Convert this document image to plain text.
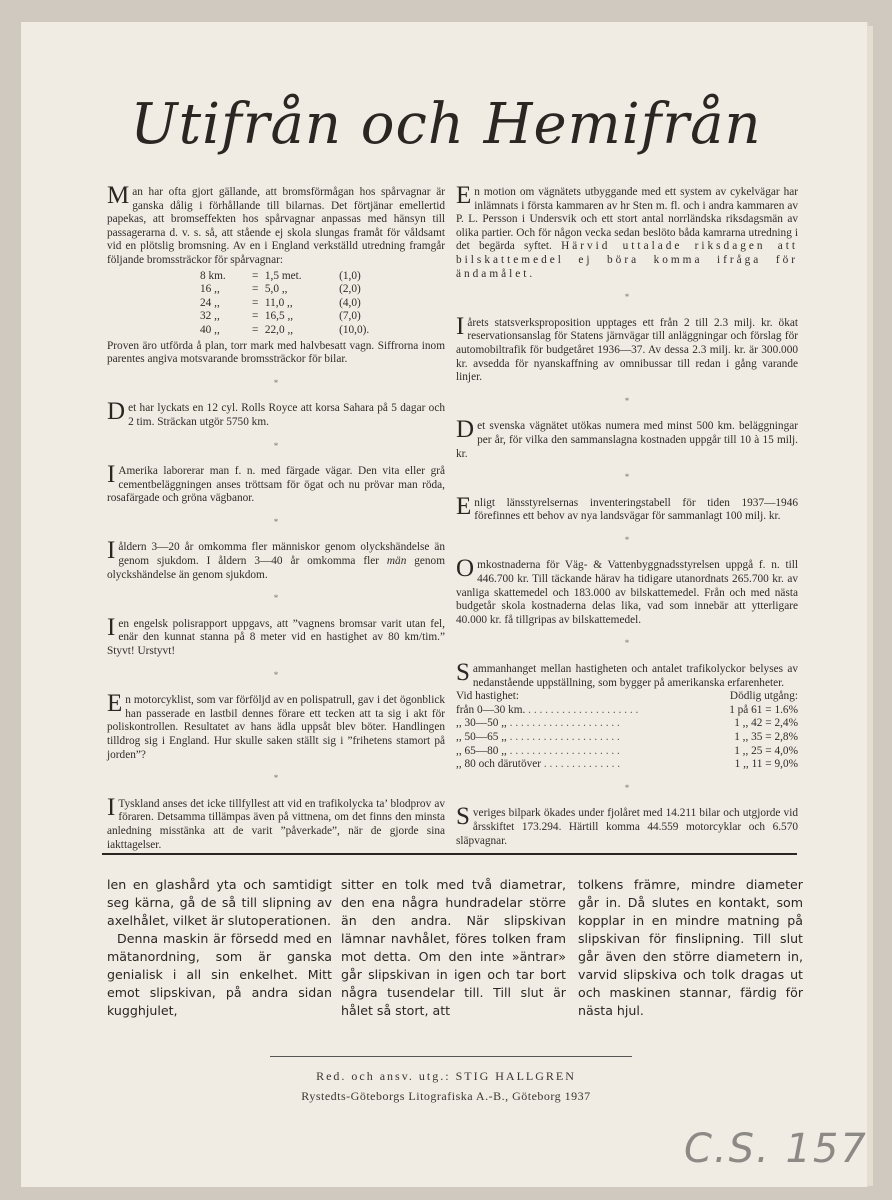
Utifrån och Hemifrån
Man har ofta gjort gällande, att bromsförmågan hos spårvagnar är ganska dålig i förhållande till bilarnas. Det förtjänar emellertid papekas, att bromseffekten hos spårvagnar anpassas med hänsyn till passagerarna d. v. s. så, att stående ej skola slungas framåt för våldsamt vid en plötslig bromsning. Av en i England verkställd utredning framgår följande bromssträckor för spårvagnar:
8 km.	=	1,5 met.	(1,0)
16 ,,	=	5,0 ,,	(2,0)
24 ,,	=	11,0 ,,	(4,0)
32 ,,	=	16,5 ,,	(7,0)
40 ,,	=	22,0 ,,	(10,0).
Proven äro utförda å plan, torr mark med halvbesatt vagn. Siffrorna inom parentes angiva motsvarande bromssträckor för bilar.
*
Det har lyckats en 12 cyl. Rolls Royce att korsa Sahara på 5 dagar och 2 tim. Sträckan utgör 5750 km.
*
I Amerika laborerar man f. n. med färgade vägar. Den vita eller grå cementbeläggningen anses tröttsam för ögat och nu prövar man röda, rosafärgade och gröna vägbanor.
*
Iåldern 3—20 år omkomma fler människor genom olyckshändelse än genom sjukdom. I åldern 3—40 år omkomma fler män genom olyckshändelse än genom sjukdom.
*
Ien engelsk polisrapport uppgavs, att ”vagnens bromsar varit utan fel, enär den kunnat stanna på 8 meter vid en hastighet av 80 km/tim.” Styvt! Urstyvt!
*
En motorcyklist, som var förföljd av en polispatrull, gav i det ögonblick han passerade en lastbil dennes förare ett tecken att ta sig i akt för poliskontrollen. Resultatet av hans ädla uppsåt blev böter. Handlingen tilldrog sig i England. Hur skulle saken ställt sig i ”frihetens stamort på jorden”?
*
I Tyskland anses det icke tillfyllest att vid en trafikolycka ta’ blodprov av föraren. Detsamma tillämpas även på vittnena, om det finns den minsta anledning misstänka att de varit ”påverkade”, när de gjorde sina iakttagelser.
En motion om vägnätets utbyggande med ett system av cykelvägar har inlämnats i första kammaren av hr Sten m. fl. och i andra kammaren av P. L. Persson i Undersvik och ett stort antal norrländska riksdagsmän av olika partier. Och för någon vecka sedan beslöto båda kamrarna utredning i det begärda syftet. Härvid uttalade riksdagen att bilskattemedel ej böra komma ifråga för ändamålet.
*
Iårets statsverksproposition upptages ett från 2 till 2.3 milj. kr. ökat reservationsanslag för Statens järnvägar till anläggningar och förslag för automobiltrafik för budgetåret 1936—37. Av dessa 2.3 milj. kr. är 300.000 kr. avsedda för nyanskaffning av omnibussar till redan i gång varande linjer.
*
Det svenska vägnätet utökas numera med minst 500 km. beläggningar per år, för vilka den sammanslagna kostnaden uppgår till 10 à 15 milj. kr.
*
Enligt länsstyrelsernas inventeringstabell för tiden 1937—1946 förefinnes ett behov av nya landsvägar för sammanlagt 100 milj. kr.
*
Omkostnaderna för Väg- & Vattenbyggnadsstyrelsen uppgå f. n. till 446.700 kr. Till täckande härav ha tidigare utanordnats 265.700 kr. av vanliga skattemedel och 183.000 av bilskattemedel. Från och med nästa budgetår skola kostnaderna delas lika, vad som innebär att ytterligare 40.000 kr. få tillgripas av bilskattemedel.
*
Sammanhanget mellan hastigheten och antalet trafikolyckor belyses av nedanstående uppställning, som bygger på amerikanska erfarenheter.
Vid hastighet:	Dödlig utgång:
från 0—30 km. . . . . . . . . . . . . . . . . . . . .	1 på 61 = 1.6%
,, 30—50 ,, . . . . . . . . . . . . . . . . . . . .	1 ,, 42 = 2,4%
,, 50—65 ,, . . . . . . . . . . . . . . . . . . . .	1 ,, 35 = 2,8%
,, 65—80 ,, . . . . . . . . . . . . . . . . . . . .	1 ,, 25 = 4,0%
,, 80 och därutöver . . . . . . . . . . . . . .	1 ,, 11 = 9,0%
*
Sveriges bilpark ökades under fjolåret med 14.211 bilar och utgjorde vid årsskiftet 173.294. Härtill komma 44.559 motorcyklar och 6.570 släpvagnar.

len en glashård yta och samtidigt seg kärna, gå de så till slipning av axelhålet, vilket är slutoperationen.

Denna maskin är försedd med en mätanordning, som är ganska genialisk i all sin enkelhet. Mitt emot slipskivan, på andra sidan kugghjulet,

sitter en tolk med två diametrar, den ena några hundradelar större än den andra. När slipskivan lämnar navhålet, föres tolken fram mot detta. Om den inte »äntrar» går slipskivan in igen och tar bort några tusendelar till. Till slut är hålet så stort, att

tolkens främre, mindre diameter går in. Då slutes en kontakt, som kopplar in en mindre matning på slipskivan för finslipning. Till slut går även den större diametern in, varvid slipskiva och tolk dragas ut och maskinen stannar, färdig för nästa hjul.

Red. och ansv. utg.: STIG HALLGREN
Rystedts-Göteborgs Litografiska A.-B., Göteborg 1937
C.S. 157
